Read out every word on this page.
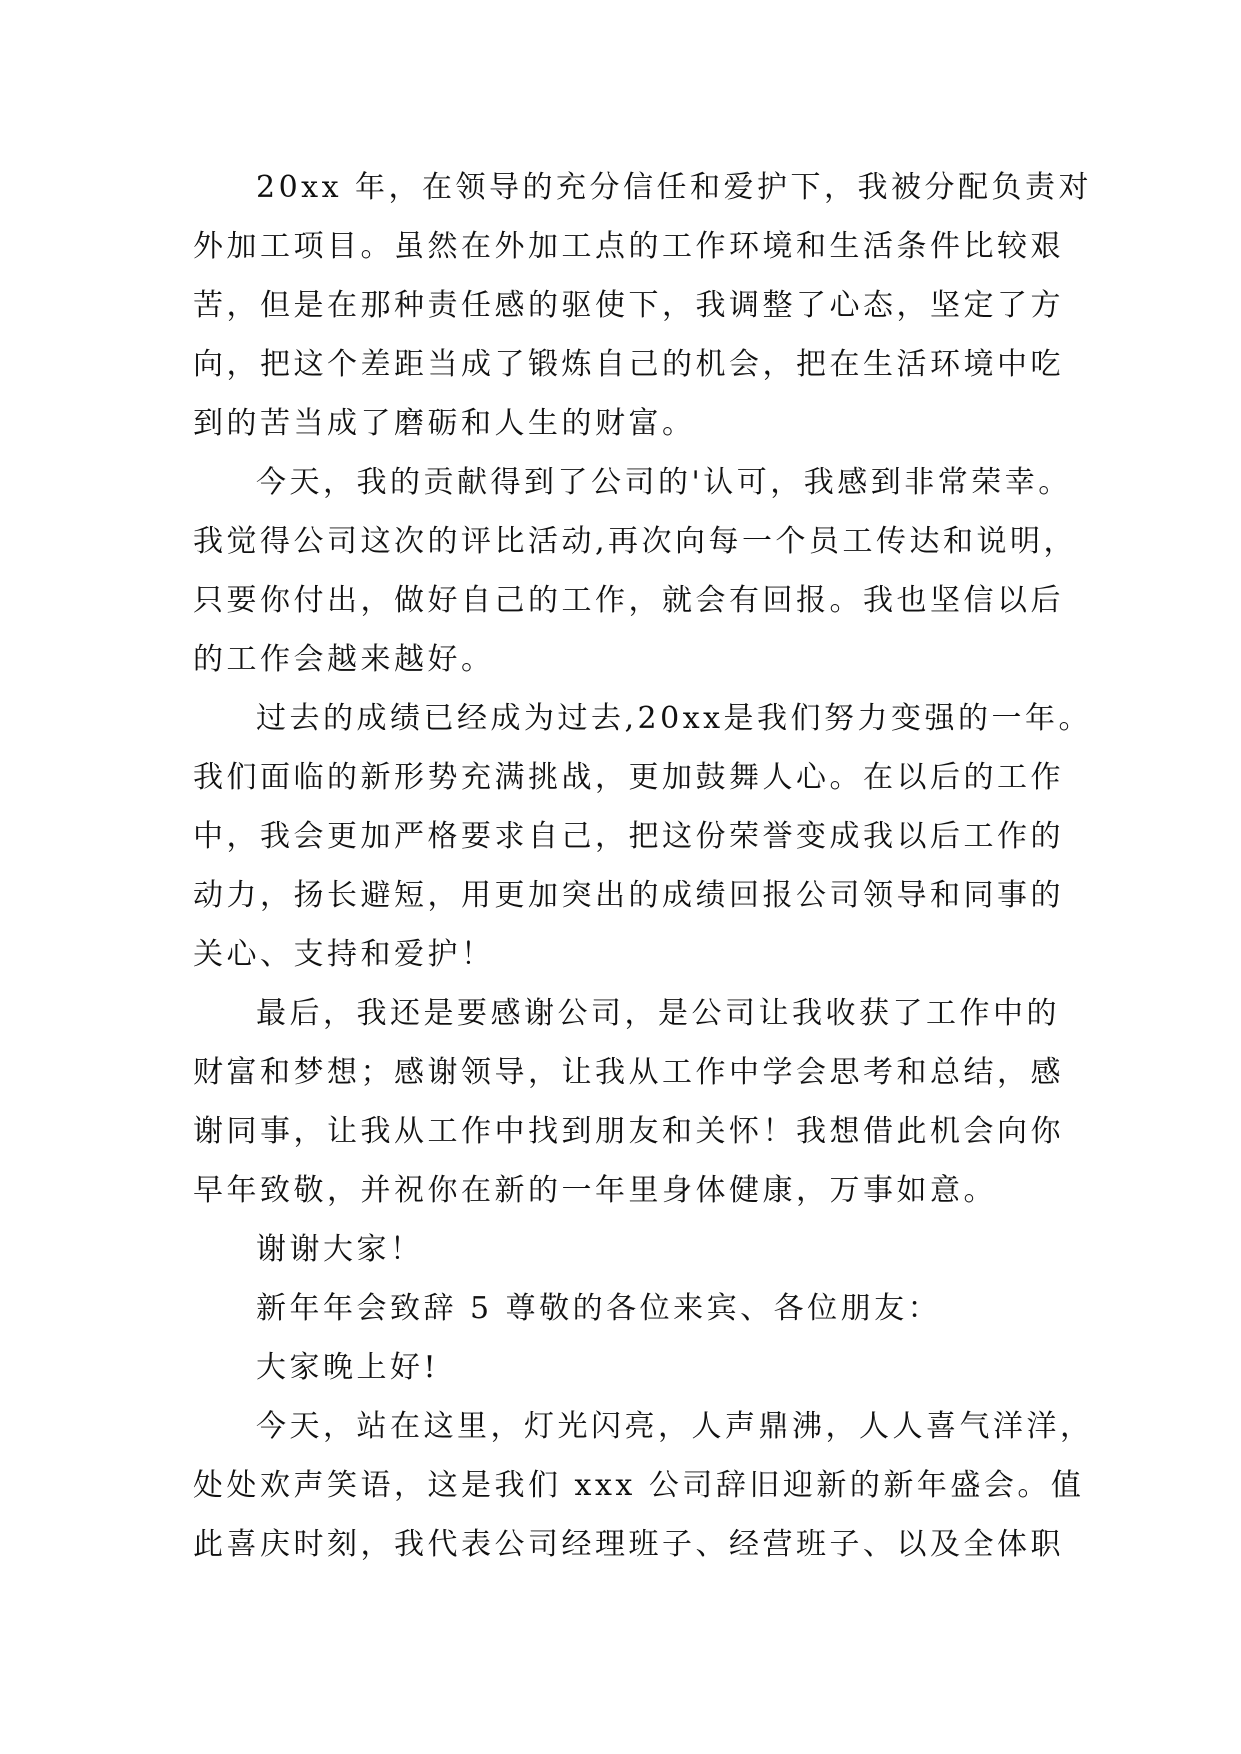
20xx 年，在领导的充分信任和爱护下，我被分配负责对
外加工项目。虽然在外加工点的工作环境和生活条件比较艰
苦，但是在那种责任感的驱使下，我调整了心态，坚定了方
向，把这个差距当成了锻炼自己的机会，把在生活环境中吃
到的苦当成了磨砺和人生的财富。
今天，我的贡献得到了公司的'认可，我感到非常荣幸。
我觉得公司这次的评比活动,再次向每一个员工传达和说明，
只要你付出，做好自己的工作，就会有回报。我也坚信以后
的工作会越来越好。
过去的成绩已经成为过去,20xx是我们努力变强的一年。
我们面临的新形势充满挑战，更加鼓舞人心。在以后的工作
中，我会更加严格要求自己，把这份荣誉变成我以后工作的
动力，扬长避短，用更加突出的成绩回报公司领导和同事的
关心、支持和爱护！
最后，我还是要感谢公司，是公司让我收获了工作中的
财富和梦想；感谢领导，让我从工作中学会思考和总结，感
谢同事，让我从工作中找到朋友和关怀！我想借此机会向你
早年致敬，并祝你在新的一年里身体健康，万事如意。
谢谢大家！
新年年会致辞 5 尊敬的各位来宾、各位朋友：
大家晚上好!
今天，站在这里，灯光闪亮，人声鼎沸，人人喜气洋洋，
处处欢声笑语，这是我们 xxx 公司辞旧迎新的新年盛会。值
此喜庆时刻，我代表公司经理班子、经营班子、以及全体职
